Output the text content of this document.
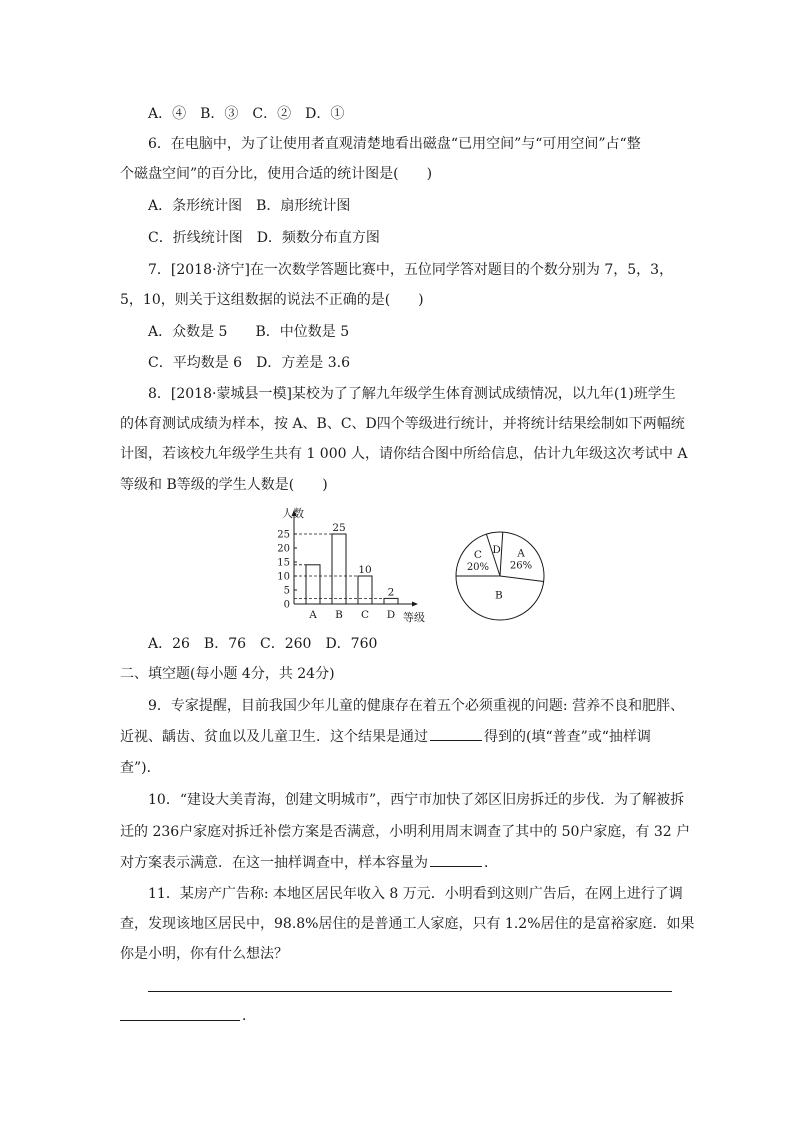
A．④　B．③　C．②　D．①
6．在电脑中，为了让使用者直观清楚地看出磁盘“已用空间”与“可用空间”占“整
个磁盘空间”的百分比，使用合适的统计图是(　　)
A．条形统计图　B．扇形统计图
C．折线统计图　D．频数分布直方图
7．[2018·济宁]在一次数学答题比赛中，五位同学答对题目的个数分别为 7，5，3，
5，10，则关于这组数据的说法不正确的是(　　)
A．众数是 5　　B．中位数是 5
C．平均数是 6　D．方差是 3.6
8．[2018·蒙城县一模]某校为了了解九年级学生体育测试成绩情况，以九年(1)班学生
的体育测试成绩为样本，按 A、B、C、D四个等级进行统计，并将统计结果绘制如下两幅统
计图，若该校九年级学生共有 1 000 人，请你结合图中所给信息，估计九年级这次考试中 A
等级和 B等级的学生人数是(　　)
人数
等级
0
5
10
15
20
25
A B
25
C
10
D
2
C
20%
D A
26%
B
A．26　B．76　C．260　D．760
二、填空题(每小题 4分，共 24分)
9．专家提醒，目前我国少年儿童的健康存在着五个必须重视的问题: 营养不良和肥胖、
近视、龋齿、贫血以及儿童卫生．这个结果是通过	得到的(填“普查”或“抽样调
查”)．
10．“建设大美青海，创建文明城市”，西宁市加快了郊区旧房拆迁的步伐．为了解被拆
迁的 236户家庭对拆迁补偿方案是否满意，小明利用周末调查了其中的 50户家庭，有 32 户
对方案表示满意．在这一抽样调查中，样本容量为	．
11．某房产广告称: 本地区居民年收入 8 万元．小明看到这则广告后，在网上进行了调
查，发现该地区居民中，98.8%居住的是普通工人家庭，只有 1.2%居住的是富裕家庭．如果
你是小明，你有什么想法？
．
